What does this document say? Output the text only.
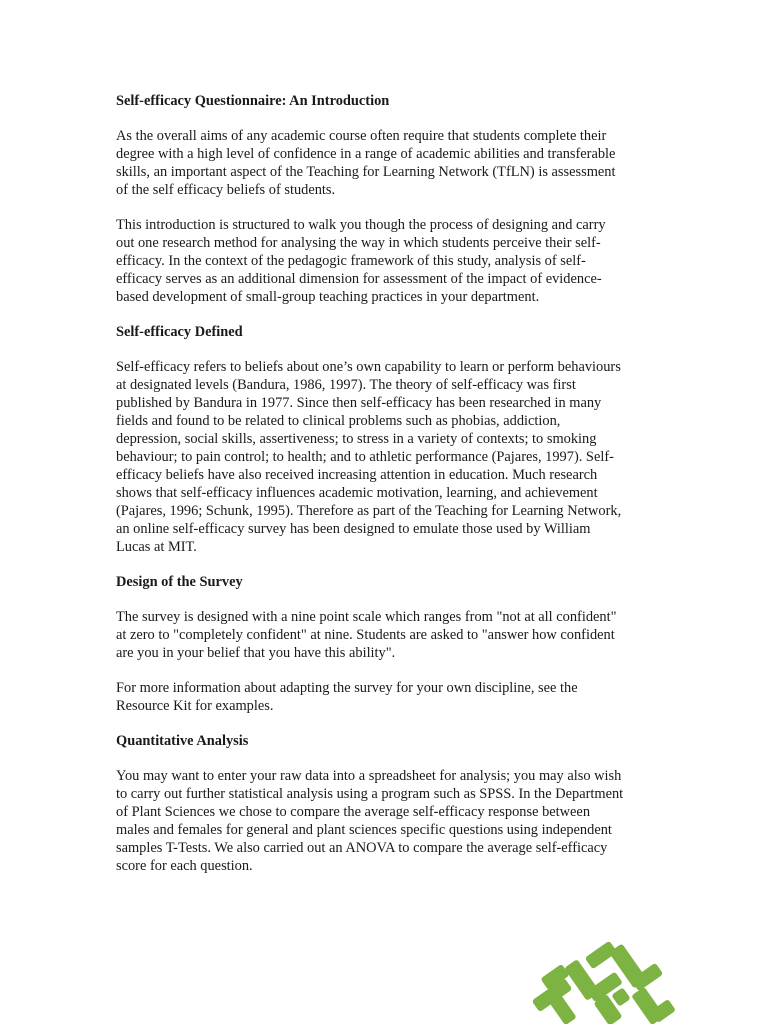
Self-efficacy Questionnaire: An Introduction

As the overall aims of any academic course often require that students complete their
degree with a high level of confidence in a range of academic abilities and transferable
skills, an important aspect of the Teaching for Learning Network (TfLN) is assessment
of the self efficacy beliefs of students.

This introduction is structured to walk you though the process of designing and carry
out one research method for analysing the way in which students perceive their self-
efficacy. In the context of the pedagogic framework of this study, analysis of self-
efficacy serves as an additional dimension for assessment of the impact of evidence-
based development of small-group teaching practices in your department.

Self-efficacy Defined

Self-efficacy refers to beliefs about one’s own capability to learn or perform behaviours
at designated levels (Bandura, 1986, 1997). The theory of self-efficacy was first
published by Bandura in 1977. Since then self-efficacy has been researched in many
fields and found to be related to clinical problems such as phobias, addiction,
depression, social skills, assertiveness; to stress in a variety of contexts; to smoking
behaviour; to pain control; to health; and to athletic performance (Pajares, 1997). Self-
efficacy beliefs have also received increasing attention in education. Much research
shows that self-efficacy influences academic motivation, learning, and achievement
(Pajares, 1996; Schunk, 1995). Therefore as part of the Teaching for Learning Network,
an online self-efficacy survey has been designed to emulate those used by William
Lucas at MIT.

Design of the Survey

The survey is designed with a nine point scale which ranges from "not at all confident"
at zero to "completely confident" at nine. Students are asked to "answer how confident
are you in your belief that you have this ability".

For more information about adapting the survey for your own discipline, see the
Resource Kit for examples.

Quantitative Analysis

You may want to enter your raw data into a spreadsheet for analysis; you may also wish
to carry out further statistical analysis using a program such as SPSS. In the Department
of Plant Sciences we chose to compare the average self-efficacy response between
males and females for general and plant sciences specific questions using independent
samples T-Tests. We also carried out an ANOVA to compare the average self-efficacy
score for each question.
